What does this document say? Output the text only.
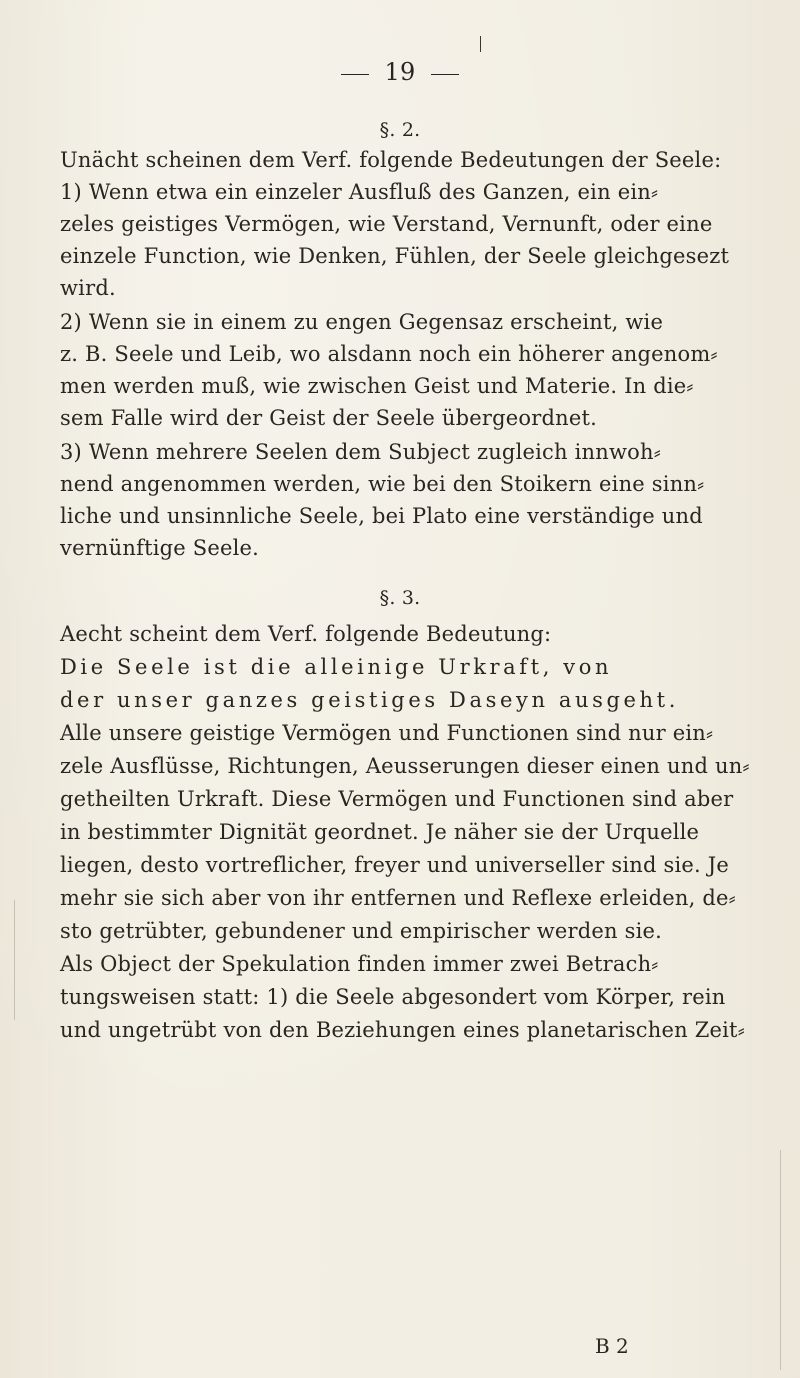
19
§. 2.
Unächt scheinen dem Verf. folgende Bedeutungen der Seele:
1) Wenn etwa ein einzeler Ausfluß des Ganzen, ein ein⸗
zeles geistiges Vermögen, wie Verstand, Vernunft, oder eine
einzele Function, wie Denken, Fühlen, der Seele gleichgesezt
wird.
2) Wenn sie in einem zu engen Gegensaz erscheint, wie
z. B. Seele und Leib, wo alsdann noch ein höherer angenom⸗
men werden muß, wie zwischen Geist und Materie. In die⸗
sem Falle wird der Geist der Seele übergeordnet.
3) Wenn mehrere Seelen dem Subject zugleich innwoh⸗
nend angenommen werden, wie bei den Stoikern eine sinn⸗
liche und unsinnliche Seele, bei Plato eine verständige und
vernünftige Seele.
§. 3.
Aecht scheint dem Verf. folgende Bedeutung:
Die Seele ist die alleinige Urkraft, von
der unser ganzes geistiges Daseyn ausgeht.
Alle unsere geistige Vermögen und Functionen sind nur ein⸗
zele Ausflüsse, Richtungen, Aeusserungen dieser einen und un⸗
getheilten Urkraft. Diese Vermögen und Functionen sind aber
in bestimmter Dignität geordnet. Je näher sie der Urquelle
liegen, desto vortreflicher, freyer und universeller sind sie. Je
mehr sie sich aber von ihr entfernen und Reflexe erleiden, de⸗
sto getrübter, gebundener und empirischer werden sie.
Als Object der Spekulation finden immer zwei Betrach⸗
tungsweisen statt: 1) die Seele abgesondert vom Körper, rein
und ungetrübt von den Beziehungen eines planetarischen Zeit⸗
B 2
